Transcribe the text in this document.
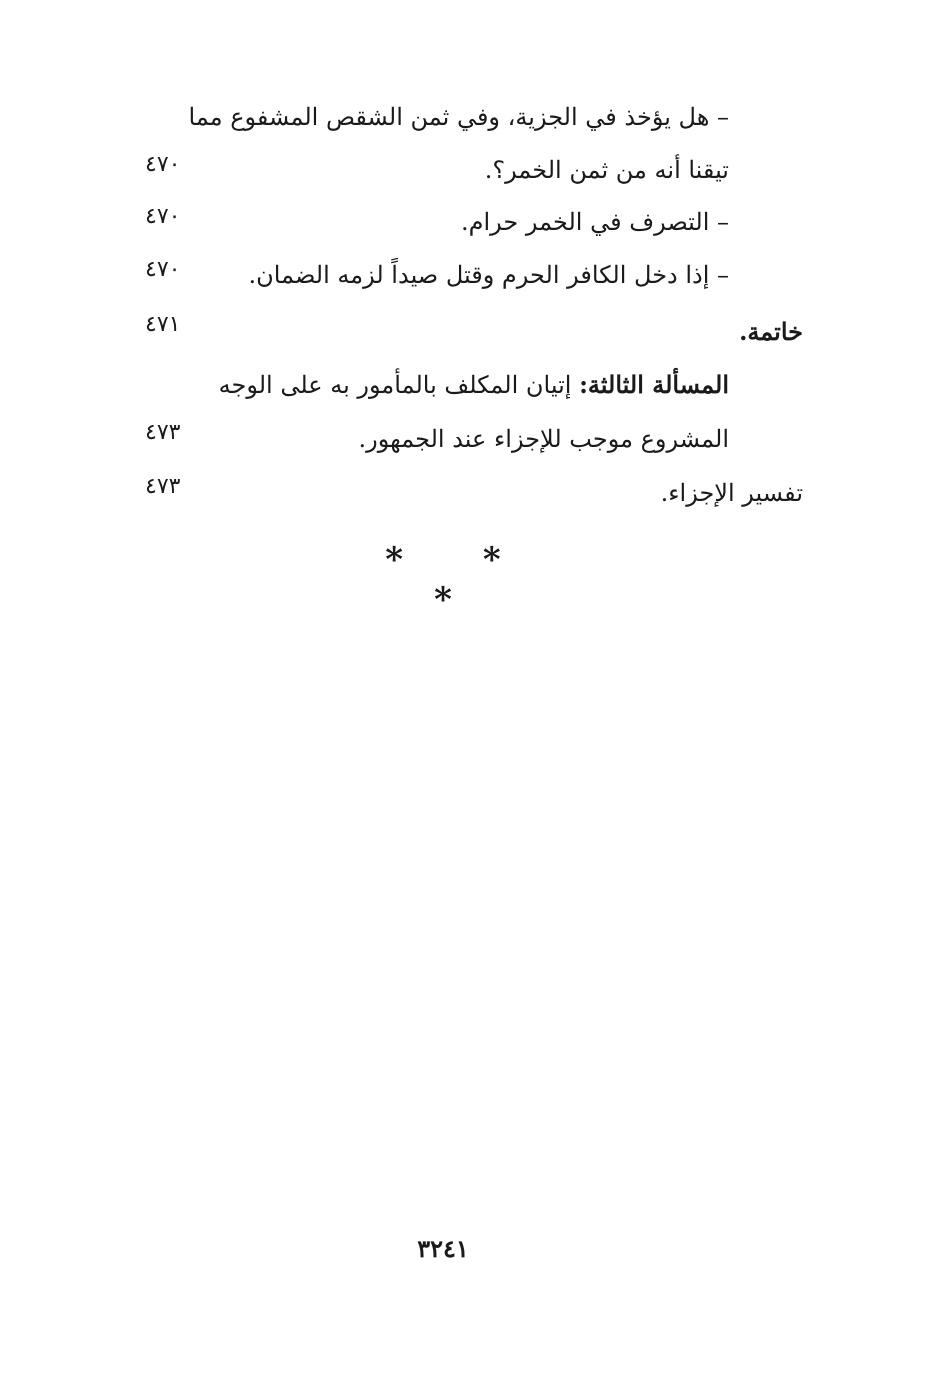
– هل يؤخذ في الجزية، وفي ثمن الشقص المشفوع مما
تيقنا أنه من ثمن الخمر؟.
٤٧٠
– التصرف في الخمر حرام.
٤٧٠
– إذا دخل الكافر الحرم وقتل صيداً لزمه الضمان.
٤٧٠
خاتمة.
٤٧١
المسألة الثالثة: إتيان المكلف بالمأمور به على الوجه
المشروع موجب للإجزاء عند الجمهور.
٤٧٣
تفسير الإجزاء.
٤٧٣
* * *
٣٢٤١
